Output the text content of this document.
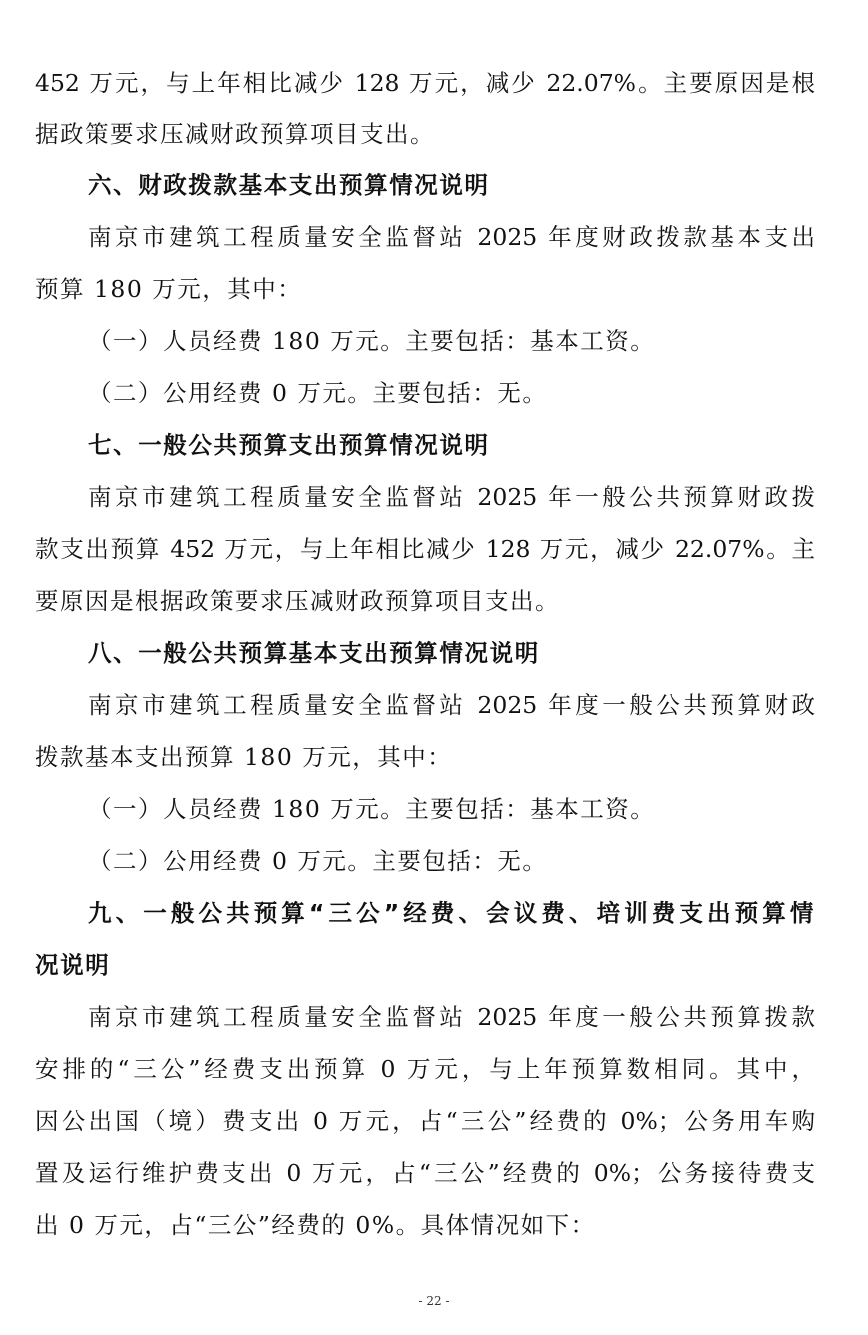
452 万元，与上年相比减少 128 万元，减少 22.07%。主要原因是根

据政策要求压减财政预算项目支出。

六、财政拨款基本支出预算情况说明

南京市建筑工程质量安全监督站 2025 年度财政拨款基本支出

预算 180 万元，其中：

（一）人员经费 180 万元。主要包括：基本工资。

（二）公用经费 0 万元。主要包括：无。

七、一般公共预算支出预算情况说明

南京市建筑工程质量安全监督站 2025 年一般公共预算财政拨

款支出预算 452 万元，与上年相比减少 128 万元，减少 22.07%。主

要原因是根据政策要求压减财政预算项目支出。

八、一般公共预算基本支出预算情况说明

南京市建筑工程质量安全监督站 2025 年度一般公共预算财政

拨款基本支出预算 180 万元，其中：

（一）人员经费 180 万元。主要包括：基本工资。

（二）公用经费 0 万元。主要包括：无。

九、一般公共预算“三公”经费、会议费、培训费支出预算情

况说明

南京市建筑工程质量安全监督站 2025 年度一般公共预算拨款

安排的“三公”经费支出预算 0 万元，与上年预算数相同。其中，

因公出国（境）费支出 0 万元，占“三公”经费的 0%；公务用车购

置及运行维护费支出 0 万元，占“三公”经费的 0%；公务接待费支

出 0 万元，占“三公”经费的 0%。具体情况如下：

- 22 -
